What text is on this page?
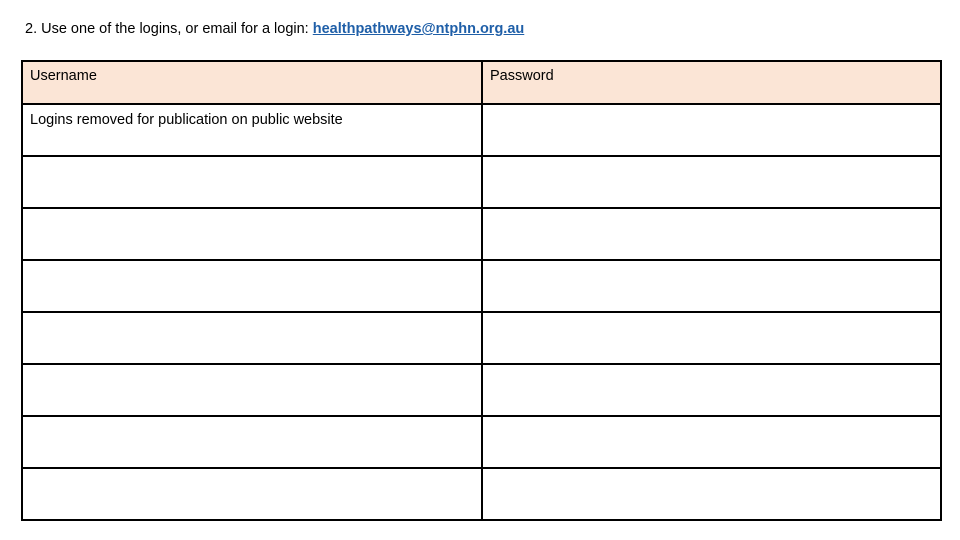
2. Use one of the logins, or email for a login: healthpathways@ntphn.org.au
Username	Password
Logins removed for publication on public website	
